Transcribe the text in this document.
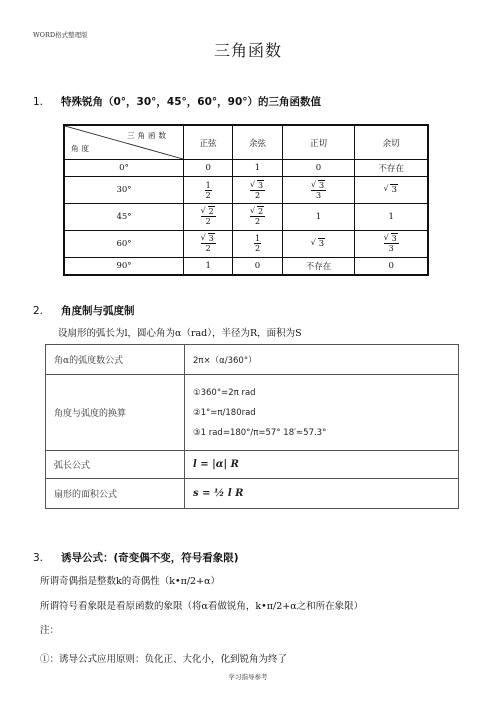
WORD格式整理版
三角函数
1. 特殊锐角（0°，30°，45°，60°，90°）的三角函数值
三角函数
角度	正弦	余弦	正切	余切
0°	0	1	0	不存在
30°	$\frac{1}{2}$	√ $\frac{3}{2}$	√ $\frac{3}{3}$	√ 3
45°	√ $\frac{2}{2}$	√ $\frac{2}{2}$	1	1
60°	√ $\frac{3}{2}$	$\frac{1}{2}$	√ 3	√ $\frac{3}{3}$

90°	1	0	不存在	0
2. 角度制与弧度制
设扇形的弧长为l，圆心角为α（rad），半径为R，面积为S
角α的弧度数公式	2π×（α/360°）
角度与弧度的换算	①360°=2π rad
②1°=π/180rad
③1 rad=180°/π=57° 18′≈57.3°

弧长公式	l = |α| R
扇形的面积公式	s = ½ l R
3. 诱导公式：(奇变偶不变，符号看象限)
所谓奇偶指是整数k的奇偶性（k•π/2+α）
所谓符号看象限是看原函数的象限（将α看做锐角，k•π/2+α之和所在象限）
注：
①：诱导公式应用原则：负化正、大化小，化到锐角为终了
学习指导参考
